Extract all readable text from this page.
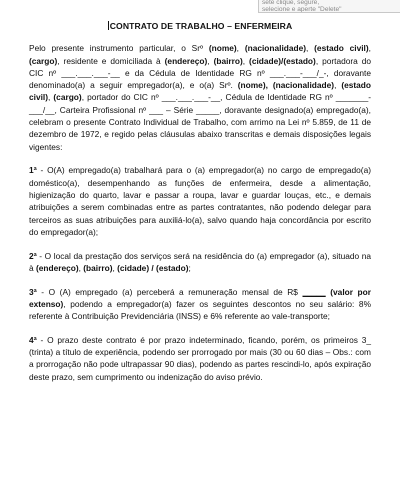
sete clique, segure,
selecione e aperte "Delete"
CONTRATO DE TRABALHO – ENFERMEIRA

Pelo presente instrumento particular, o Srº (nome), (nacionalidade), (estado civil), (cargo), residente e domiciliada à (endereço), (bairro), (cidade)/(estado), portadora do CIC nº ___.___.___-__ e da Cédula de Identidade RG nº ___.___-___/_-, doravante denominado(a) a seguir empregador(a), e o(a) Srº. (nome), (nacionalidade), (estado civil), (cargo), portador do CIC nº ___.___.___-__, Cédula de Identidade RG nº _______-___/__, Carteira Profissional nº ___ – Série _____, doravante designado(a) empregado(a), celebram o presente Contrato Individual de Trabalho, com arrimo na Lei nº 5.859, de 11 de dezembro de 1972, e regido pelas cláusulas abaixo transcritas e demais disposições legais vigentes:

1ª - O(A) empregado(a) trabalhará para o (a) empregador(a) no cargo de empregado(a) doméstico(a), desempenhando as funções de enfermeira, desde a alimentação, higienização do quarto, lavar e passar a roupa, lavar e guardar louças, etc., e demais atribuições a serem combinadas entre as partes contratantes, não podendo delegar para terceiros as suas atribuições para auxiliá-lo(a), salvo quando haja concordância por escrito do empregador(a);

2ª - O local da prestação dos serviços será na residência do (a) empregador (a), situado na à (endereço), (bairro), (cidade) / (estado);

3ª - O (A) empregado (a) perceberá a remuneração mensal de R$ _____ (valor por extenso), podendo a empregador(a) fazer os seguintes descontos no seu salário: 8% referente à Contribuição Previdenciária (INSS) e 6% referente ao vale-transporte;

4ª - O prazo deste contrato é por prazo indeterminado, ficando, porém, os primeiros 3_ (trinta) a título de experiência, podendo ser prorrogado por mais (30 ou 60 dias – Obs.: com a prorrogação não pode ultrapassar 90 dias), podendo as partes rescindi-lo, após expiração deste prazo, sem cumprimento ou indenização do aviso prévio.
